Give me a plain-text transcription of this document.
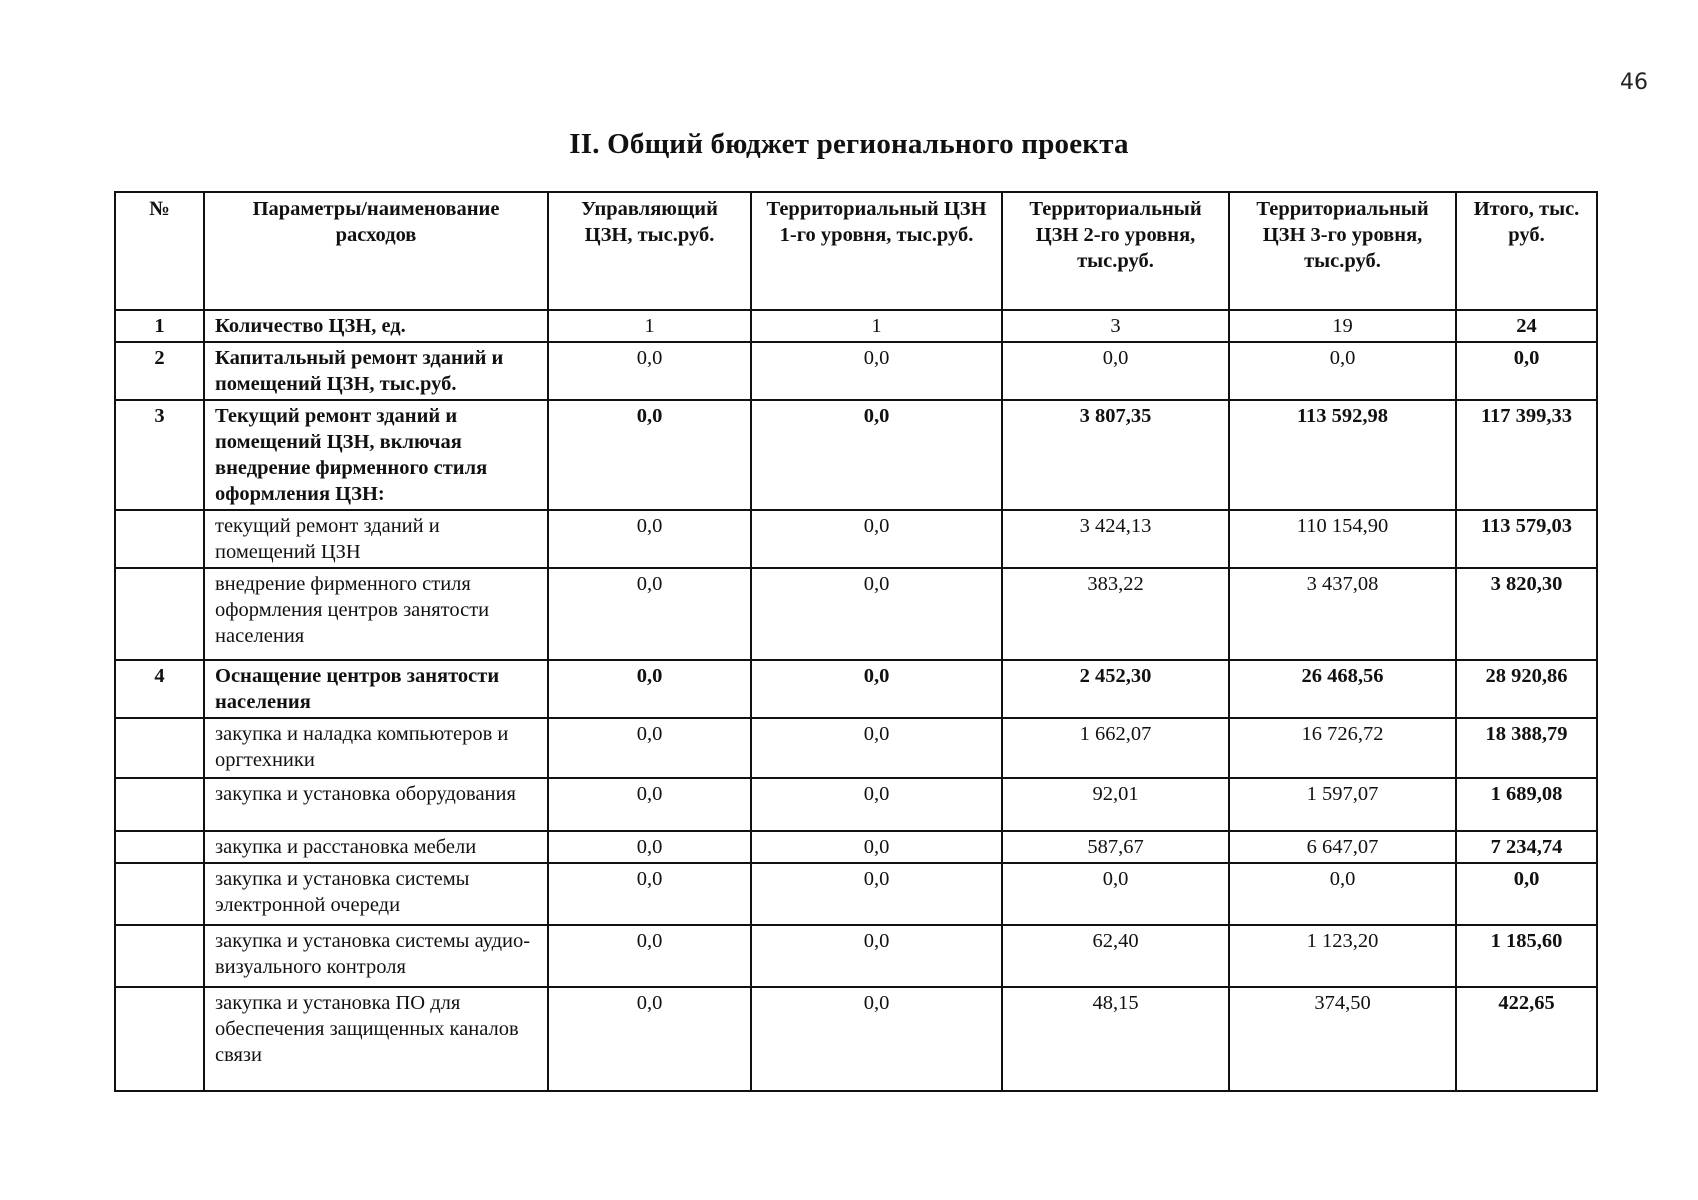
46
II. Общий бюджет регионального проекта
№	Параметры/наименование расходов	Управляющий ЦЗН, тыс.руб.	Территориальный ЦЗН 1-го уровня, тыс.руб.	Территориальный ЦЗН 2-го уровня, тыс.руб.	Территориальный ЦЗН 3-го уровня, тыс.руб.	Итого, тыс. руб.
1	Количество ЦЗН, ед.	1	1	3	19	24
2	Капитальный ремонт зданий и помещений ЦЗН, тыс.руб.	0,0	0,0	0,0	0,0	0,0
3	Текущий ремонт зданий и помещений ЦЗН, включая внедрение фирменного стиля оформления ЦЗН:	0,0	0,0	3 807,35	113 592,98	117 399,33
	текущий ремонт зданий и помещений ЦЗН	0,0	0,0	3 424,13	110 154,90	113 579,03
	внедрение фирменного стиля оформления центров занятости населения	0,0	0,0	383,22	3 437,08	3 820,30
4	Оснащение центров занятости населения	0,0	0,0	2 452,30	26 468,56	28 920,86
	закупка и наладка компьютеров и оргтехники	0,0	0,0	1 662,07	16 726,72	18 388,79
	закупка и установка оборудования	0,0	0,0	92,01	1 597,07	1 689,08
	закупка и расстановка мебели	0,0	0,0	587,67	6 647,07	7 234,74
	закупка и установка системы электронной очереди	0,0	0,0	0,0	0,0	0,0
	закупка и установка системы аудио-визуального контроля	0,0	0,0	62,40	1 123,20	1 185,60
	закупка и установка ПО для обеспечения защищенных каналов связи	0,0	0,0	48,15	374,50	422,65
